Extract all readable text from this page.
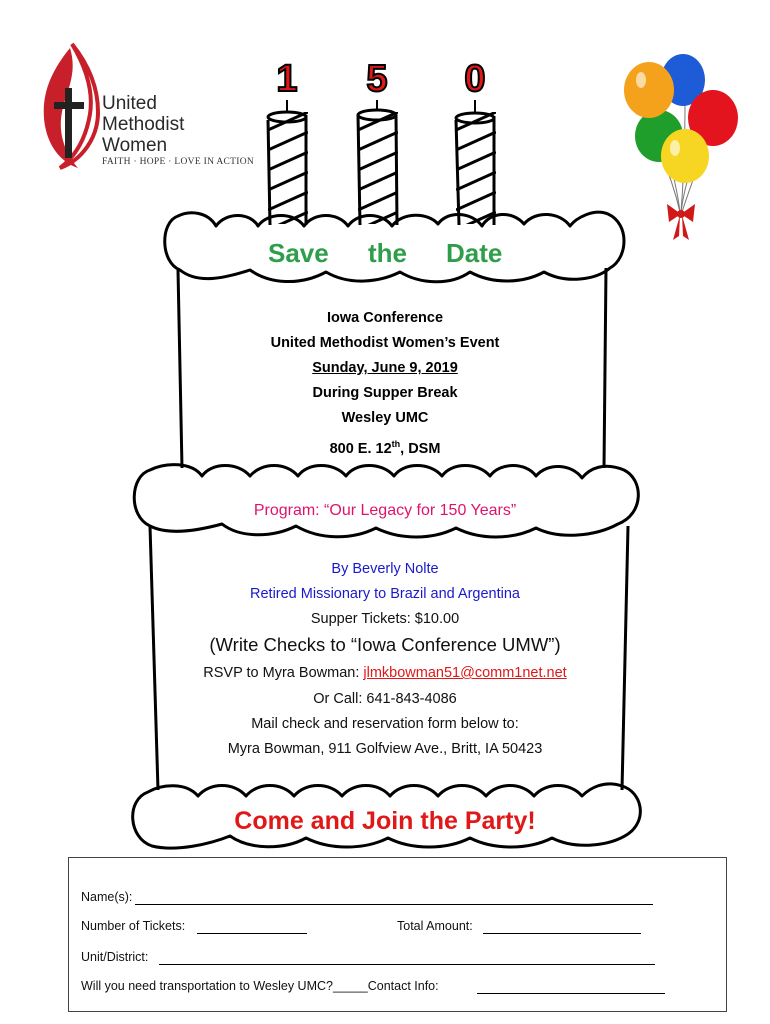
United
Methodist
Women
FAITH · HOPE · LOVE IN ACTION
1	5	0
Save the Date
Iowa Conference
United Methodist Women’s Event
Sunday, June 9, 2019
During Supper Break
Wesley UMC
800 E. 12th, DSM
Program: “Our Legacy for 150 Years”
By Beverly Nolte
Retired Missionary to Brazil and Argentina
Supper Tickets: $10.00
(Write Checks to “Iowa Conference UMW”)
RSVP to Myra Bowman: jlmkbowman51@comm1net.net
Or Call: 641-843-4086
Mail check and reservation form below to:
Myra Bowman, 911 Golfview Ave., Britt, IA 50423
Come and Join the Party!
Name(s):
Number of Tickets:	Total Amount:
Unit/District:
Will you need transportation to Wesley UMC?_____Contact Info:
